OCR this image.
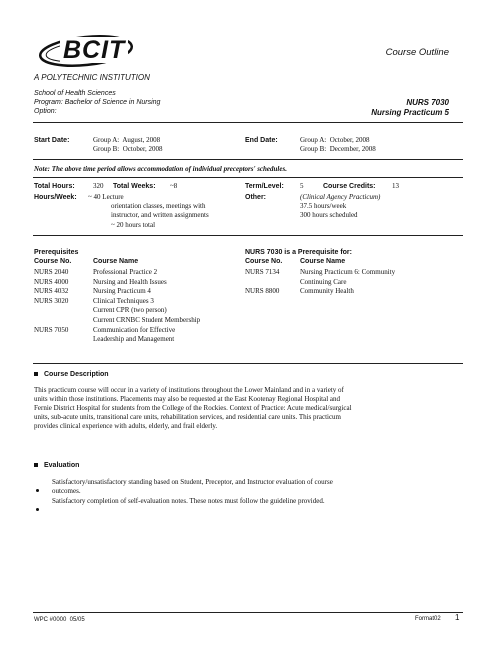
BCIT
A POLYTECHNIC INSTITUTION
Course Outline
School of Health Sciences
Program: Bachelor of Science in Nursing
Option:
NURS 7030
Nursing Practicum 5
Start Date:	Group A:  August, 2008
Group B:  October, 2008
End Date:	Group A:  October, 2008
Group B:  December, 2008
Note: The above time period allows accommodation of individual preceptors' schedules.
Total Hours:	320 Total Weeks: ~8	Term/Level: 5	Course Credits: 13
Hours/Week: ~ 40 Lecture
orientation classes, meetings with
instructor, and written assignments
~ 20 hours total
Other:	(Clinical Agency Practicum)
37.5 hours/week
300 hours scheduled
Prerequisites
Course No.	Course Name
NURS 2040	Professional Practice 2
NURS 4000	Nursing and Health Issues
NURS 4032	Nursing Practicum 4
NURS 3020	Clinical Techniques 3
Current CPR (two person)
Current CRNBC Student Membership
NURS 7050	Communication for Effective
Leadership and Management
NURS 7030 is a Prerequisite for:
Course No.	Course Name
NURS 7134	Nursing Practicum 6: Community
Continuing Care
NURS 8800	Community Health
Course Description
This practicum course will occur in a variety of institutions throughout the Lower Mainland and in a variety of
units within those institutions. Placements may also be requested at the East Kootenay Regional Hospital and
Fernie District Hospital for students from the College of the Rockies. Context of Practice: Acute medical/surgical
units, sub-acute units, transitional care units, rehabilitation services, and residential care units. This practicum
provides clinical experience with adults, elderly, and frail elderly.
Evaluation
Satisfactory/unsatisfactory standing based on Student, Preceptor, and Instructor evaluation of course
outcomes.
Satisfactory completion of self-evaluation notes. These notes must follow the guideline provided.
WPC #0000  05/05	Format02 1
